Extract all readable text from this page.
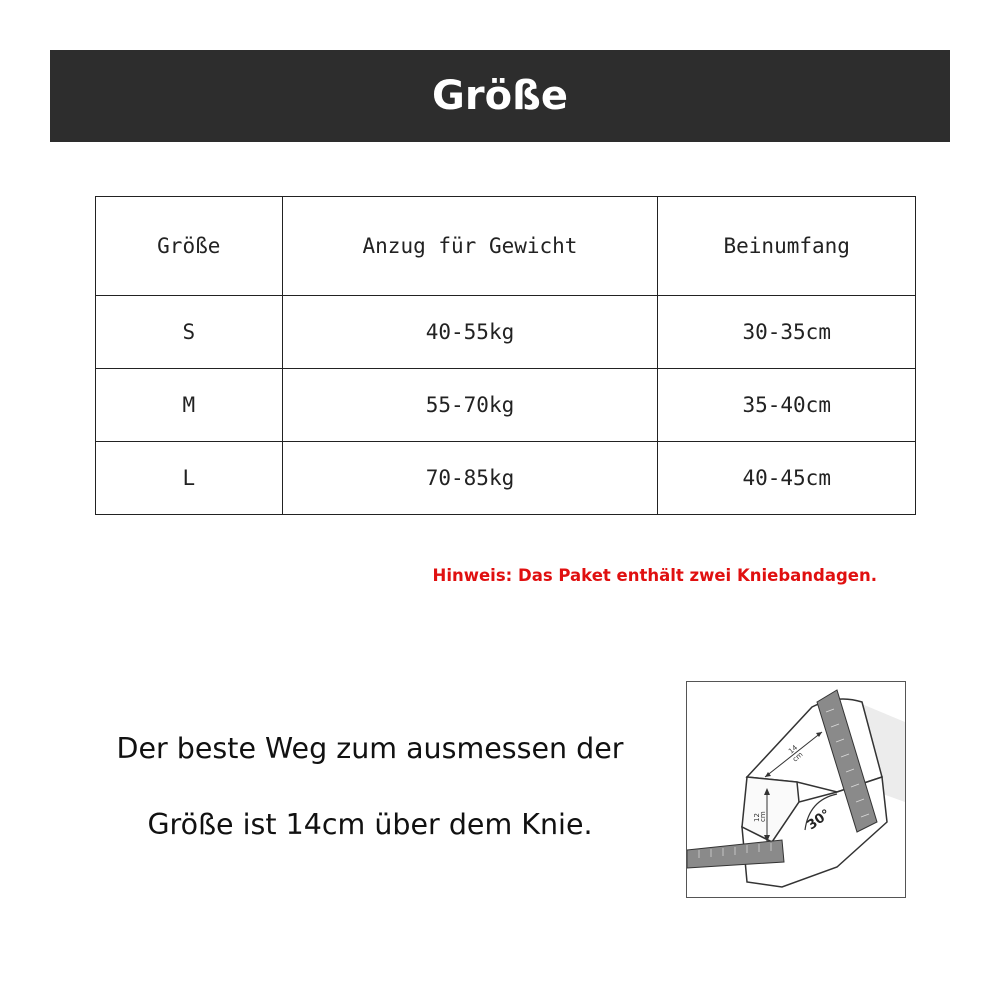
Größe
Größe	Anzug für Gewicht	Beinumfang
S	40-55kg	30-35cm
M	55-70kg	35-40cm
L	70-85kg	40-45cm
Hinweis: Das Paket enthält zwei Kniebandagen.
Der beste Weg zum ausmessen der
Größe ist 14cm über dem Knie.
14
cm
12
cm	30°
